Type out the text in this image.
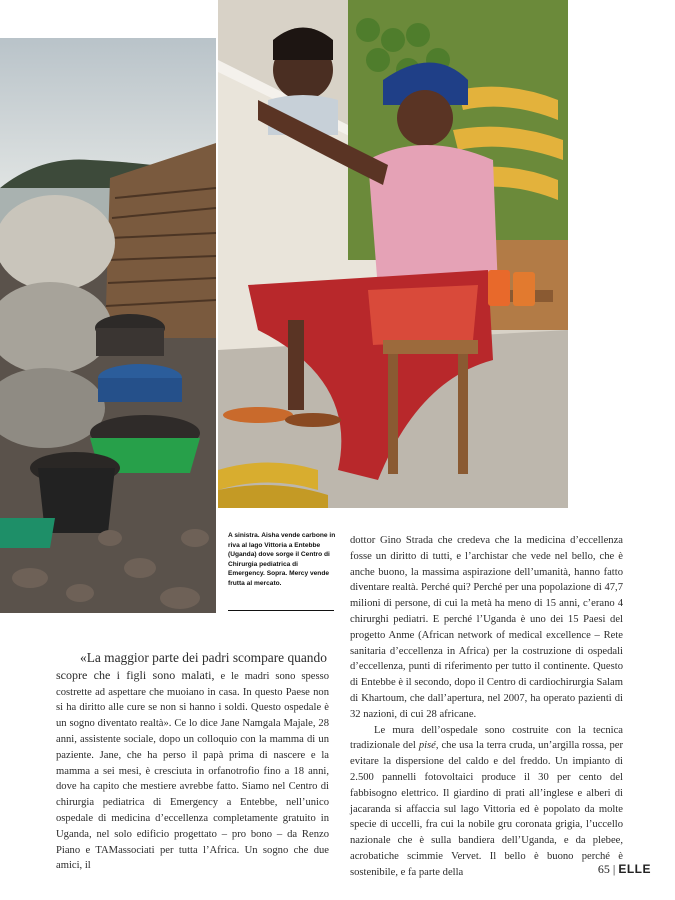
A sinistra. Aisha vende carbone in riva al lago Vittoria a Entebbe (Uganda) dove sorge il Centro di Chirurgia pediatrica di Emergency. Sopra. Mercy vende frutta al mercato.

«La maggior parte dei padri scompare quando
scopre che i figli sono malati, e le madri sono spesso costrette ad aspettare che muoiano in casa. In questo Paese non si ha diritto alle cure se non si hanno i soldi. Questo ospedale è un sogno diventato realtà». Ce lo dice Jane Namgala Majale, 28 anni, assistente sociale, dopo un colloquio con la mamma di un paziente. Jane, che ha perso il papà prima di nascere e la mamma a sei mesi, è cresciuta in orfanotrofio fino a 18 anni, dove ha capito che mestiere avrebbe fatto. Siamo nel Centro di chirurgia pediatrica di Emergency a Entebbe, nell’unico ospedale di medicina d’eccellenza completamente gratuito in Uganda, nel solo edificio progettato – pro bono – da Renzo Piano e TAMassociati per tutta l’Africa. Un sogno che due amici, il

dottor Gino Strada che credeva che la medicina d’eccellenza fosse un diritto di tutti, e l’archistar che vede nel bello, che è anche buono, la massima aspirazione dell’umanità, hanno fatto diventare realtà. Perché qui? Perché per una popolazione di 47,7 milioni di persone, di cui la metà ha meno di 15 anni, c’erano 4 chirurghi pediatri. E perché l’Uganda è uno dei 15 Paesi del progetto Anme (African network of medical excellence – Rete sanitaria d’eccellenza in Africa) per la costruzione di ospedali d’eccellenza, punti di riferimento per tutto il continente. Questo di Entebbe è il secondo, dopo il Centro di cardiochirurgia Salam di Khartoum, che dall’apertura, nel 2007, ha operato pazienti di 32 nazioni, di cui 28 africane.

Le mura dell’ospedale sono costruite con la tecnica tradizionale del pisé, che usa la terra cruda, un’argilla rossa, per evitare la dispersione del caldo e del freddo. Un impianto di 2.500 pannelli fotovoltaici produce il 30 per cento del fabbisogno elettrico. Il giardino di prati all’inglese e alberi di jacaranda si affaccia sul lago Vittoria ed è popolato da molte specie di uccelli, fra cui la nobile gru coronata grigia, l’uccello nazionale che è sulla bandiera dell’Uganda, e da plebee, acrobatiche scimmie Vervet. Il bello è buono perché è sostenibile, e fa parte della	65 | ELLE
